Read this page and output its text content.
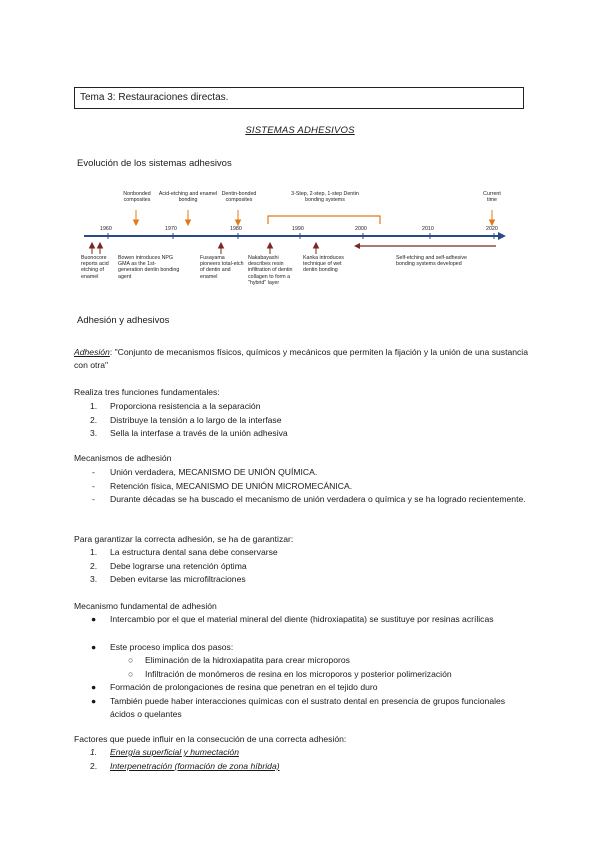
Tema 3: Restauraciones directas.
SISTEMAS ADHESIVOS
Evolución de los sistemas adhesivos
1960	1970	1980	1990	2000	2010	2020
Nonbonded composites
Acid-etching and enamel bonding
Dentin-bonded composites
3-Step, 2-step, 1-step Dentin bonding systems
Current time
Buonocore reports acid etching of enamel
Bowen introduces NPG GMA as the 1st-generation dentin bonding agent
Fusayama pioneers total-etch of dentin and enamel
Nakabayashi describes resin infiltration of dentin collagen to form a "hybrid" layer
Kanka introduces technique of wet dentin bonding
Self-etching and self-adhesive bonding systems developed
Adhesión y adhesivos
Adhesión: "Conjunto de mecanismos físicos, químicos y mecánicos que permiten la fijación y la unión de una sustancia con otra"
Realiza tres funciones fundamentales:
1. Proporciona resistencia a la separación
2. Distribuye la tensión a lo largo de la interfase
3. Sella la interfase a través de la unión adhesiva
Mecanismos de adhesión
- Unión verdadera, MECANISMO DE UNIÓN QUÍMICA.
- Retención física, MECANISMO DE UNIÓN MICROMECÁNICA.
- Durante décadas se ha buscado el mecanismo de unión verdadera o química y se ha logrado recientemente.
Para garantizar la correcta adhesión, se ha de garantizar:
1. La estructura dental sana debe conservarse
2. Debe lograrse una retención óptima
3. Deben evitarse las microfiltraciones
Mecanismo fundamental de adhesión
● Intercambio por el que el material mineral del diente (hidroxiapatita) se sustituye por resinas acrílicas
● Este proceso implica dos pasos:
○ Eliminación de la hidroxiapatita para crear microporos
○ Infiltración de monómeros de resina en los microporos y posterior polimerización
● Formación de prolongaciones de resina que penetran en el tejido duro
● También puede haber interacciones químicas con el sustrato dental en presencia de grupos funcionales ácidos o quelantes
Factores que puede influir en la consecución de una correcta adhesión:
1. Energía superficial y humectación
2. Interpenetración (formación de zona híbrida)
